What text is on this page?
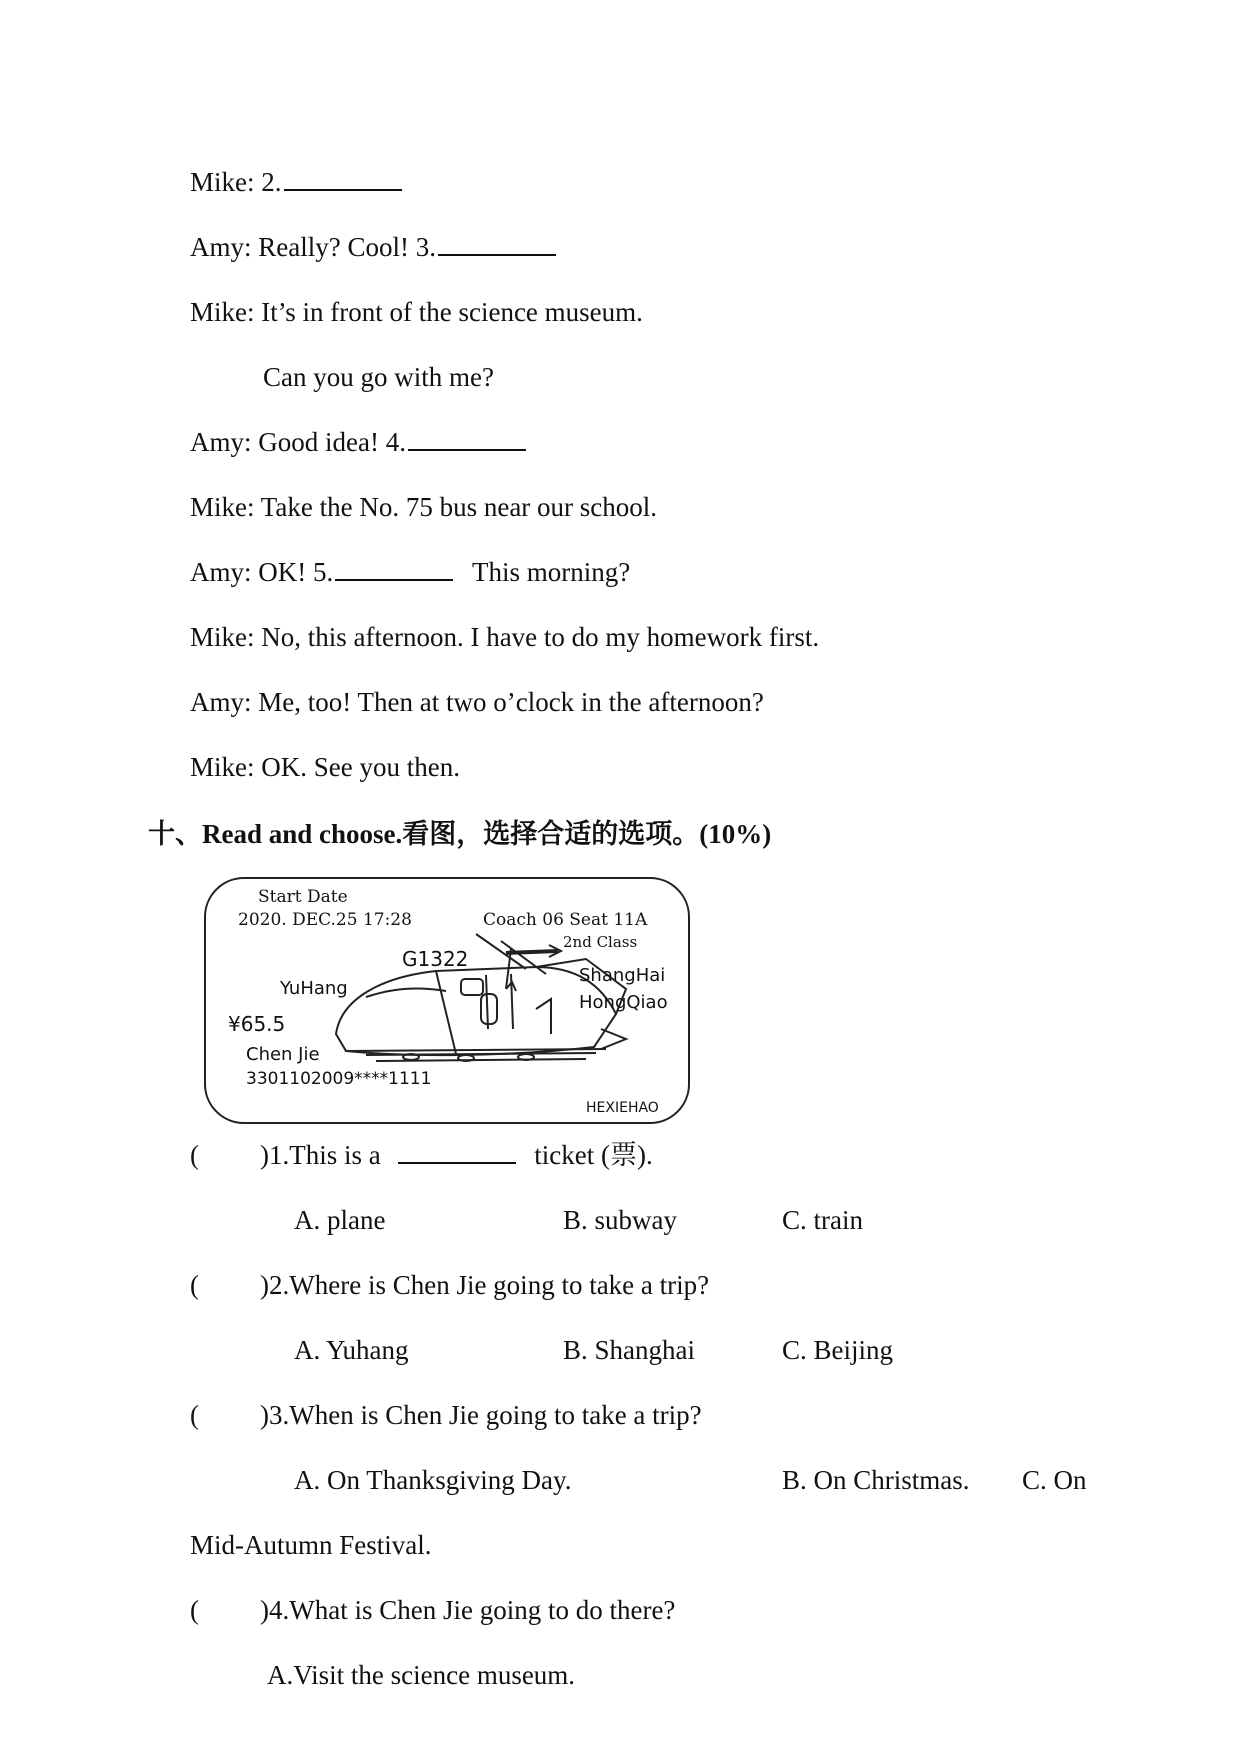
Mike: 2.
Amy: Really? Cool! 3.
Mike: It’s in front of the science museum.
Can you go with me?
Amy: Good idea! 4.
Mike: Take the No. 75 bus near our school.
Amy: OK! 5.	This morning?
Mike: No, this afternoon. I have to do my homework first.
Amy: Me, too! Then at two o’clock in the afternoon?
Mike: OK. See you then.
十、Read and choose.看图，选择合适的选项。(10%)
Start Date
2020. DEC.25 17:28	Coach 06 Seat 11A
2nd Class
G1322
YuHang
ShangHai
HongQiao
¥65.5
Chen Jie
3301102009****1111
HEXIEHAO
( )1.This is a	ticket (票).
A. plane	B. subway	C. train
( )2.Where is Chen Jie going to take a trip?
A. Yuhang	B. Shanghai	C. Beijing
( )3.When is Chen Jie going to take a trip?
A. On Thanksgiving Day.	B. On Christmas. C. On
Mid-Autumn Festival.
( )4.What is Chen Jie going to do there?
A.Visit the science museum.
